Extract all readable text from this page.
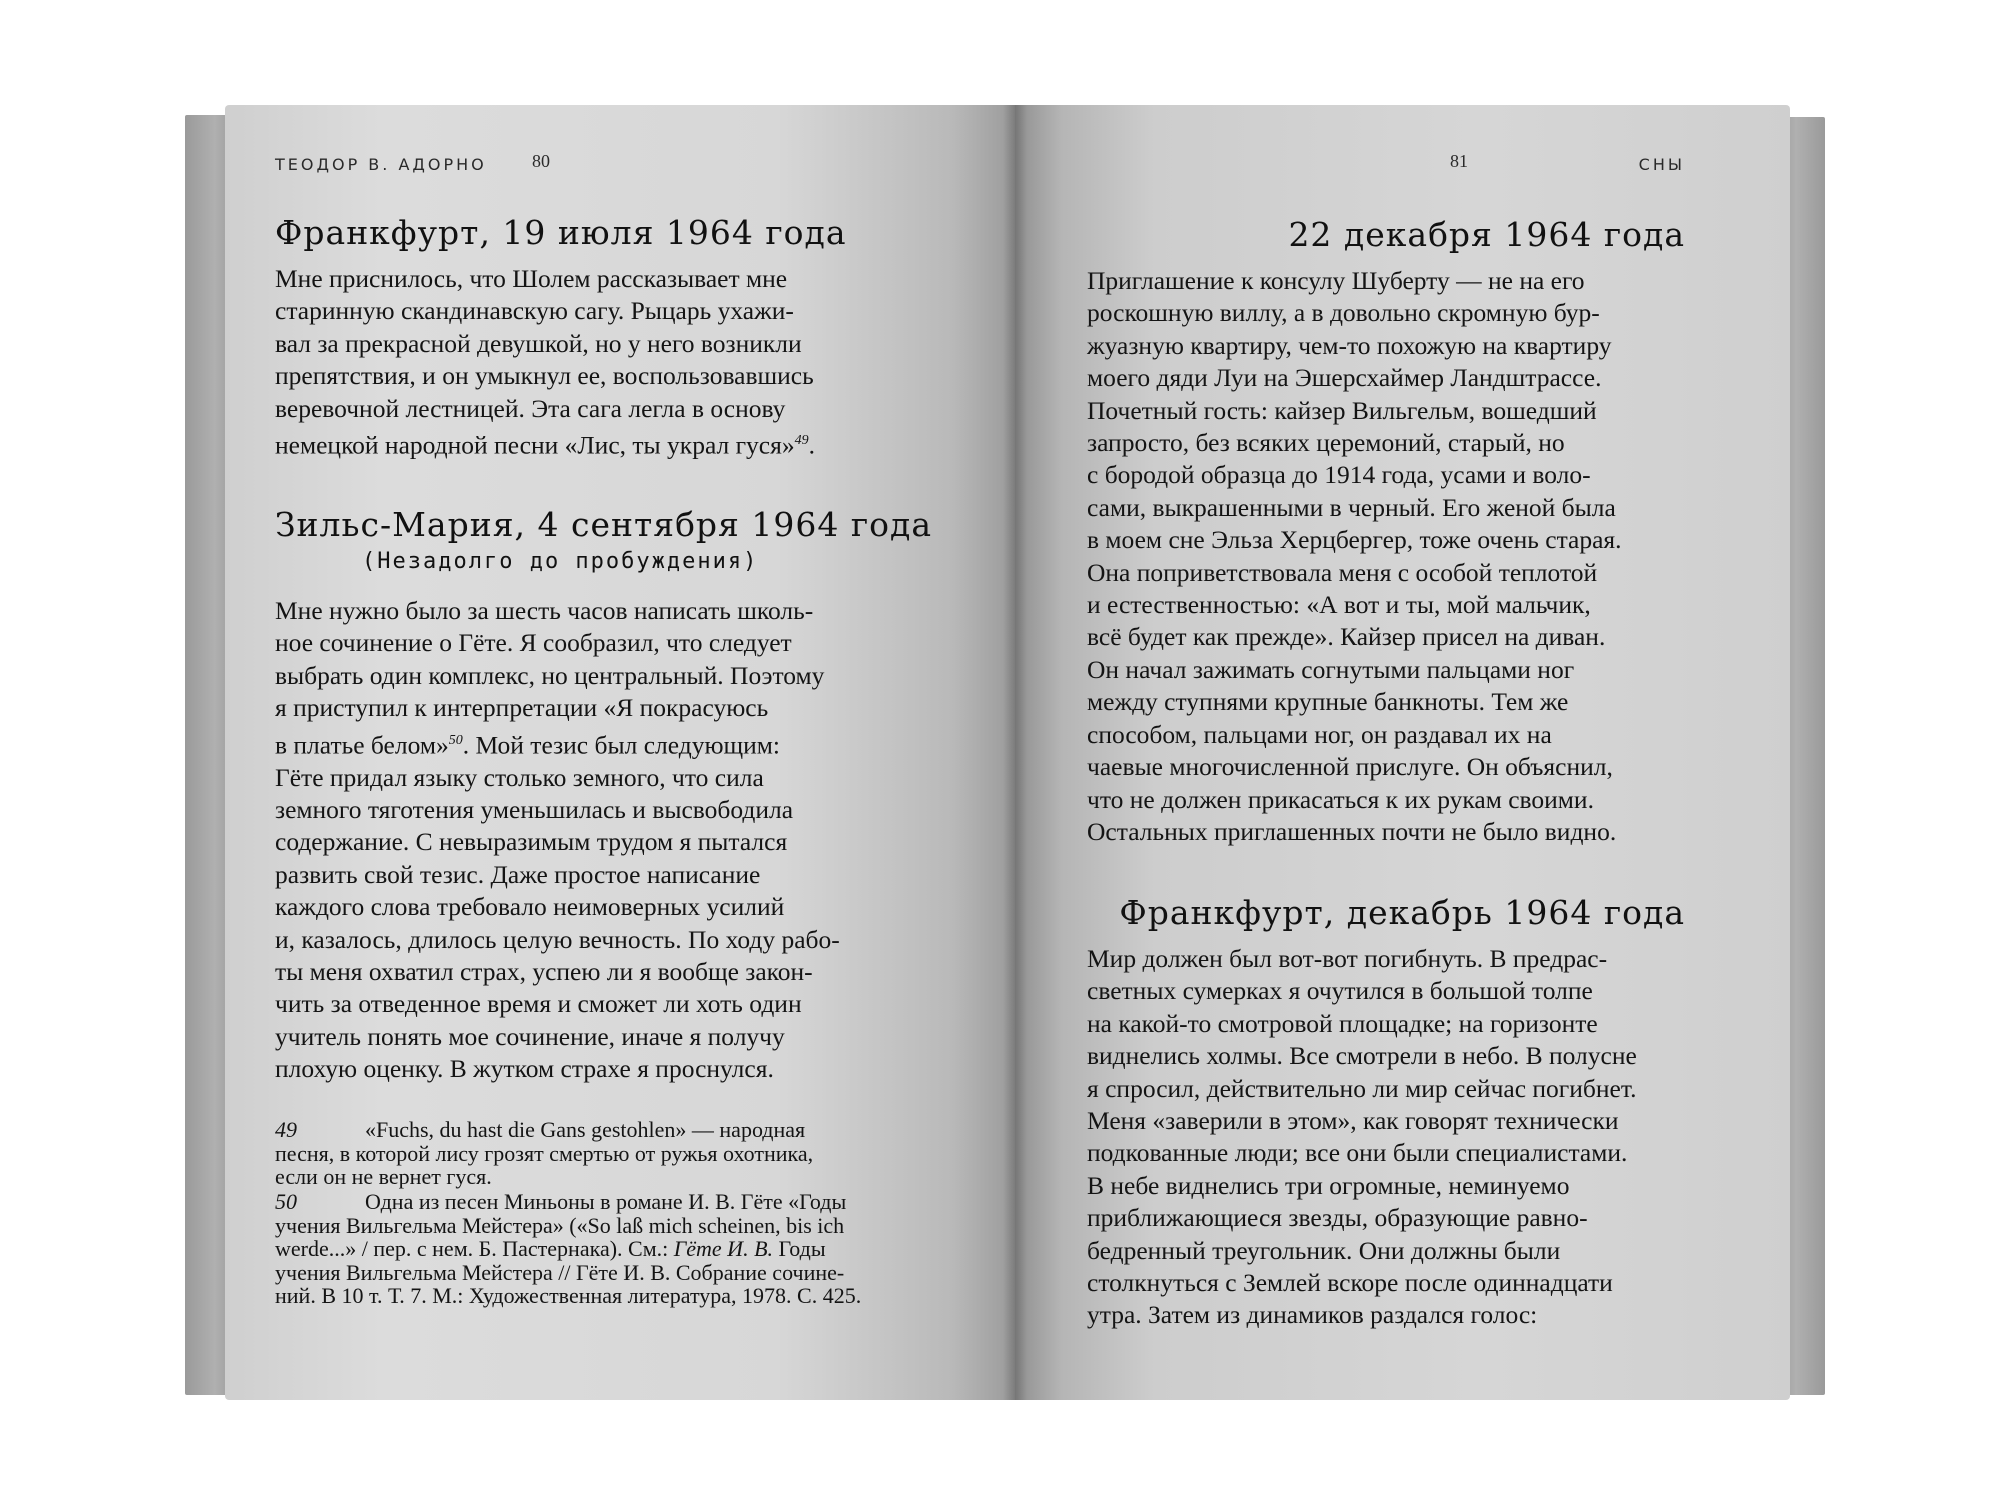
ТЕОДОР В. АДОРНО	80
Франкфурт, 19 июля 1964 года

Мне приснилось, что Шолем рассказывает мне
старинную скандинавскую сагу. Рыцарь ухажи-
вал за прекрасной девушкой, но у него возникли
препятствия, и он умыкнул ее, воспользовавшись
веревочной лестницей. Эта сага легла в основу
немецкой народной песни «Лис, ты украл гуся»$^{49}$.

Зильс-Мария, 4 сентября 1964 года
(Незадолго до пробуждения)

Мне нужно было за шесть часов написать школь-
ное сочинение о Гёте. Я сообразил, что следует
выбрать один комплекс, но центральный. Поэтому
я приступил к интерпретации «Я покрасуюсь
в платье белом»$^{50}$. Мой тезис был следующим:
Гёте придал языку столько земного, что сила
земного тяготения уменьшилась и высвободила
содержание. С невыразимым трудом я пытался
развить свой тезис. Даже простое написание
каждого слова требовало неимоверных усилий
и, казалось, длилось целую вечность. По ходу рабо-
ты меня охватил страх, успею ли я вообще закон-
чить за отведенное время и сможет ли хоть один
учитель понять мое сочинение, иначе я получу
плохую оценку. В жутком страхе я проснулся.

49	«Fuchs, du hast die Gans gestohlen» — народная
песня, в которой лису грозят смертью от ружья охотника,
если он не вернет гуся.
50	Одна из песен Миньоны в романе И. В. Гёте «Годы
учения Вильгельма Мейстера» («So laß mich scheinen, bis ich
werde...» / пер. с нем. Б. Пастернака). См.: Гёте И. В. Годы
учения Вильгельма Мейстера // Гёте И. В. Собрание сочине-
ний. В 10 т. Т. 7. М.: Художественная литература, 1978. С. 425.
81	СНЫ
22 декабря 1964 года

Приглашение к консулу Шуберту — не на его
роскошную виллу, а в довольно скромную бур-
жуазную квартиру, чем-то похожую на квартиру
моего дяди Луи на Эшерсхаймер Ландштрассе.
Почетный гость: кайзер Вильгельм, вошедший
запросто, без всяких церемоний, старый, но
с бородой образца до 1914 года, усами и воло-
сами, выкрашенными в черный. Его женой была
в моем сне Эльза Херцбергер, тоже очень старая.
Она поприветствовала меня с особой теплотой
и естественностью: «А вот и ты, мой мальчик,
всё будет как прежде». Кайзер присел на диван.
Он начал зажимать согнутыми пальцами ног
между ступнями крупные банкноты. Тем же
способом, пальцами ног, он раздавал их на
чаевые многочисленной прислуге. Он объяснил,
что не должен прикасаться к их рукам своими.
Остальных приглашенных почти не было видно.

Франкфурт, декабрь 1964 года

Мир должен был вот-вот погибнуть. В предрас-
светных сумерках я очутился в большой толпе
на какой-то смотровой площадке; на горизонте
виднелись холмы. Все смотрели в небо. В полусне
я спросил, действительно ли мир сейчас погибнет.
Меня «заверили в этом», как говорят технически
подкованные люди; все они были специалистами.
В небе виднелись три огромные, неминуемо
приближающиеся звезды, образующие равно-
бедренный треугольник. Они должны были
столкнуться с Землей вскоре после одиннадцати
утра. Затем из динамиков раздался голос:
